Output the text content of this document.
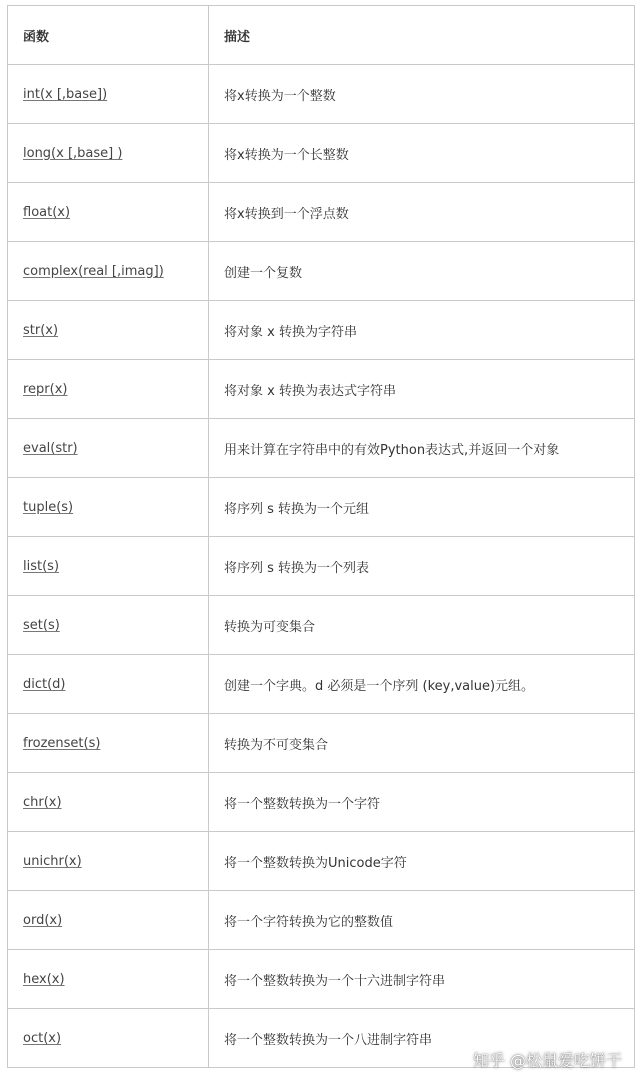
函数	描述
int(x [,base])	将x转换为一个整数
long(x [,base] )	将x转换为一个长整数
float(x)	将x转换到一个浮点数
complex(real [,imag])	创建一个复数
str(x)	将对象 x 转换为字符串
repr(x)	将对象 x 转换为表达式字符串
eval(str)	用来计算在字符串中的有效Python表达式,并返回一个对象
tuple(s)	将序列 s 转换为一个元组
list(s)	将序列 s 转换为一个列表
set(s)	转换为可变集合
dict(d)	创建一个字典。d 必须是一个序列 (key,value)元组。
frozenset(s)	转换为不可变集合
chr(x)	将一个整数转换为一个字符
unichr(x)	将一个整数转换为Unicode字符
ord(x)	将一个字符转换为它的整数值
hex(x)	将一个整数转换为一个十六进制字符串
oct(x)	将一个整数转换为一个八进制字符串
知乎 @松鼠爱吃饼干
